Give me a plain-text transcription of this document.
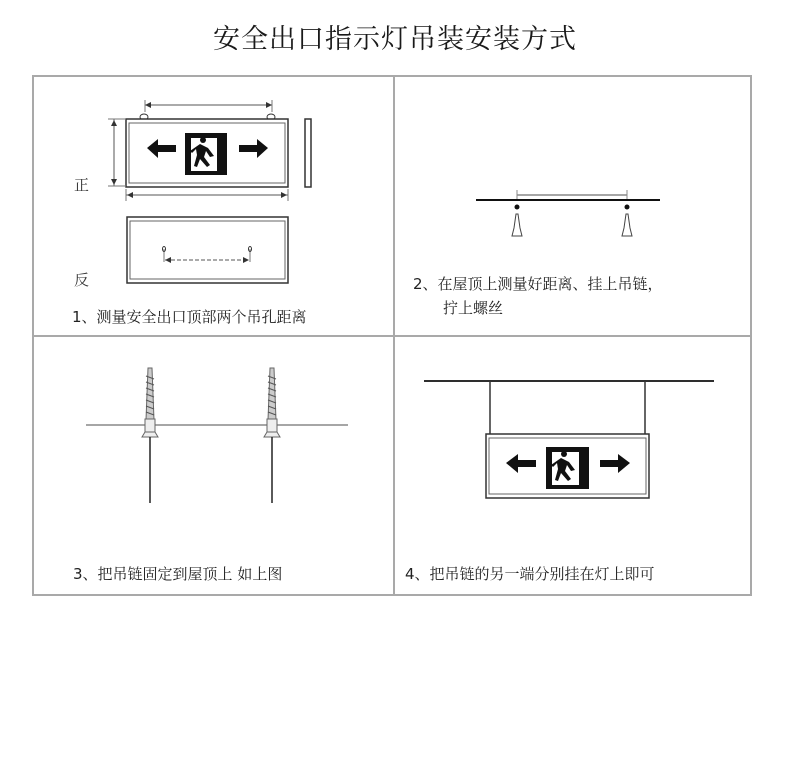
安全出口指示灯吊装安装方式
正
反
1、测量安全出口顶部两个吊孔距离
2、在屋顶上测量好距离、挂上吊链，
拧上螺丝
3、把吊链固定到屋顶上 如上图	4、把吊链的另一端分别挂在灯上即可
